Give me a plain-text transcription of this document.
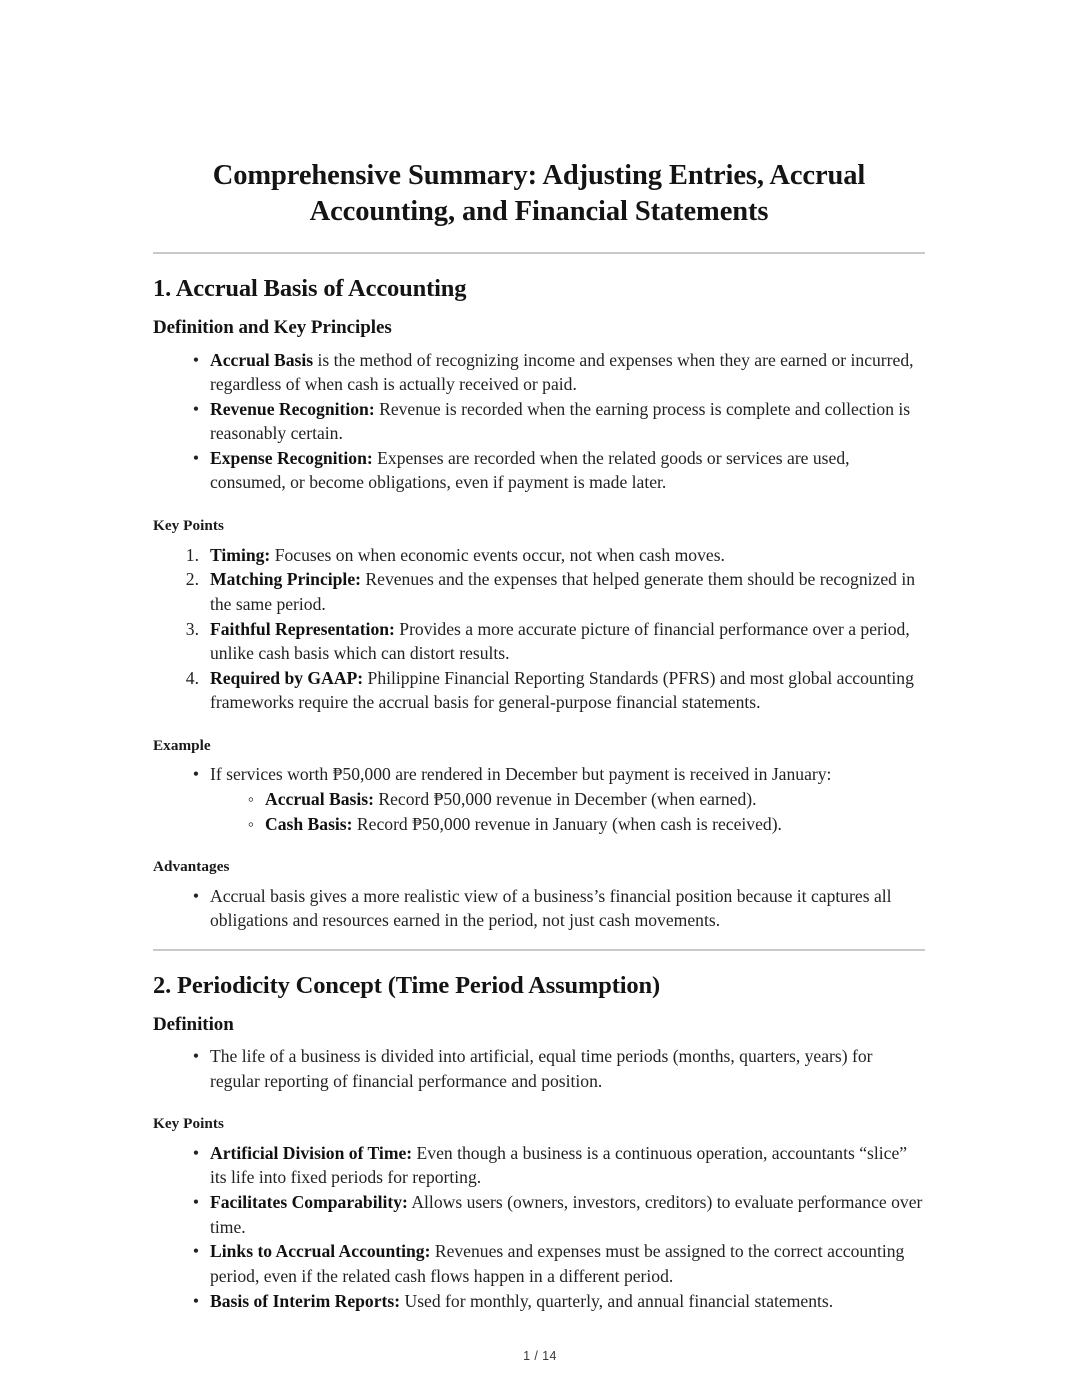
Comprehensive Summary: Adjusting Entries, Accrual Accounting, and Financial Statements
1. Accrual Basis of Accounting
Definition and Key Principles
• Accrual Basis is the method of recognizing income and expenses when they are earned or incurred, regardless of when cash is actually received or paid.
• Revenue Recognition: Revenue is recorded when the earning process is complete and collection is reasonably certain.
• Expense Recognition: Expenses are recorded when the related goods or services are used, consumed, or become obligations, even if payment is made later.
Key Points
1. Timing: Focuses on when economic events occur, not when cash moves.
2. Matching Principle: Revenues and the expenses that helped generate them should be recognized in the same period.
3. Faithful Representation: Provides a more accurate picture of financial performance over a period, unlike cash basis which can distort results.
4. Required by GAAP: Philippine Financial Reporting Standards (PFRS) and most global accounting frameworks require the accrual basis for general-purpose financial statements.
Example
• If services worth ₱50,000 are rendered in December but payment is received in January:
◦ Accrual Basis: Record ₱50,000 revenue in December (when earned).
◦ Cash Basis: Record ₱50,000 revenue in January (when cash is received).
Advantages
• Accrual basis gives a more realistic view of a business’s financial position because it captures all obligations and resources earned in the period, not just cash movements.
2. Periodicity Concept (Time Period Assumption)
Definition
• The life of a business is divided into artificial, equal time periods (months, quarters, years) for regular reporting of financial performance and position.
Key Points
• Artificial Division of Time: Even though a business is a continuous operation, accountants “slice” its life into fixed periods for reporting.
• Facilitates Comparability: Allows users (owners, investors, creditors) to evaluate performance over time.
• Links to Accrual Accounting: Revenues and expenses must be assigned to the correct accounting period, even if the related cash flows happen in a different period.
• Basis of Interim Reports: Used for monthly, quarterly, and annual financial statements.
1 / 14
